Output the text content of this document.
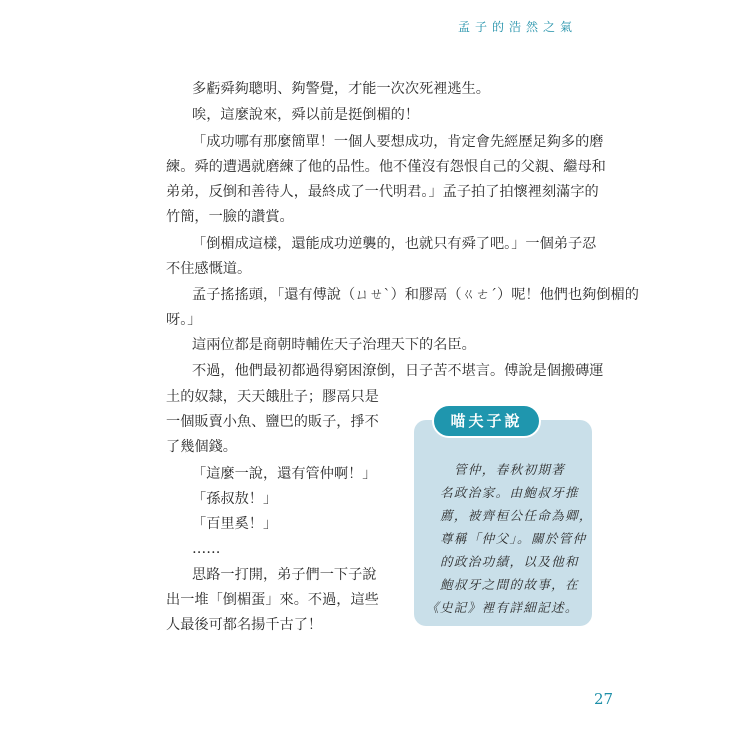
孟子的浩然之氣
多虧舜夠聰明、夠警覺，才能一次次死裡逃生。
唉，這麼說來，舜以前是挺倒楣的！
「成功哪有那麼簡單！一個人要想成功，肯定會先經歷足夠多的磨
練。舜的遭遇就磨練了他的品性。他不僅沒有怨恨自己的父親、繼母和
弟弟，反倒和善待人，最終成了一代明君。」孟子拍了拍懷裡刻滿字的
竹簡，一臉的讚賞。
「倒楣成這樣，還能成功逆襲的，也就只有舜了吧。」一個弟子忍
不住感慨道。
孟子搖搖頭，「還有傅說（ㄩㄝˋ）和膠鬲（ㄍㄜˊ）呢！他們也夠倒楣的
呀。」
這兩位都是商朝時輔佐天子治理天下的名臣。
不過，他們最初都過得窮困潦倒，日子苦不堪言。傅說是個搬磚運
土的奴隸，天天餓肚子；膠鬲只是
一個販賣小魚、鹽巴的販子，掙不
了幾個錢。
「這麼一說，還有管仲啊！」
「孫叔敖！」
「百里奚！」
……
思路一打開，弟子們一下子說
出一堆「倒楣蛋」來。不過，這些
人最後可都名揚千古了！
管仲，春秋初期著
名政治家。由鮑叔牙推
薦，被齊桓公任命為卿，
尊稱「仲父」。關於管仲
的政治功績，以及他和
鮑叔牙之間的故事，在
《史記》裡有詳細記述。
喵夫子說
27
